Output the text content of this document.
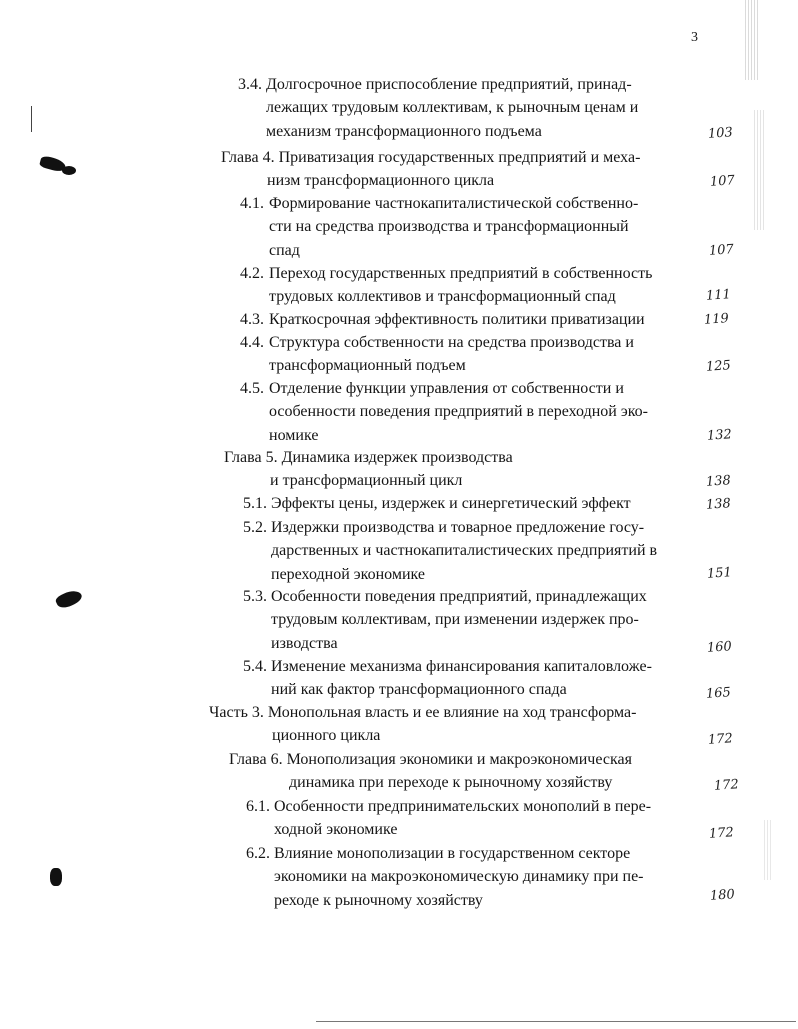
3
3.4. Долгосрочное приспособление предприятий, принад-
лежащих трудовым коллективам, к рыночным ценам и
механизм трансформационного подъема	103
Глава 4. Приватизация государственных предприятий и меха-
низм трансформационного цикла	107
4.1. Формирование частнокапиталистической собственно-
сти на средства производства и трансформационный
спад	107
4.2. Переход государственных предприятий в собственность
трудовых коллективов и трансформационный спад	111
4.3. Краткосрочная эффективность политики приватизации	119
4.4. Структура собственности на средства производства и
трансформационный подъем	125
4.5. Отделение функции управления от собственности и
особенности поведения предприятий в переходной эко-
номике	132
Глава 5. Динамика издержек производства
и трансформационный цикл	138
5.1. Эффекты цены, издержек и синергетический эффект	138
5.2. Издержки производства и товарное предложение госу-
дарственных и частнокапиталистических предприятий в
переходной экономике	151
5.3. Особенности поведения предприятий, принадлежащих
трудовым коллективам, при изменении издержек про-
изводства	160
5.4. Изменение механизма финансирования капиталовложе-
ний как фактор трансформационного спада	165
Часть 3. Монопольная власть и ее влияние на ход трансформа-
ционного цикла	172
Глава 6. Монополизация экономики и макроэкономическая
динамика при переходе к рыночному хозяйству	172
6.1. Особенности предпринимательских монополий в пере-
ходной экономике	172
6.2. Влияние монополизации в государственном секторе
экономики на макроэкономическую динамику при пе-
реходе к рыночному хозяйству	180
